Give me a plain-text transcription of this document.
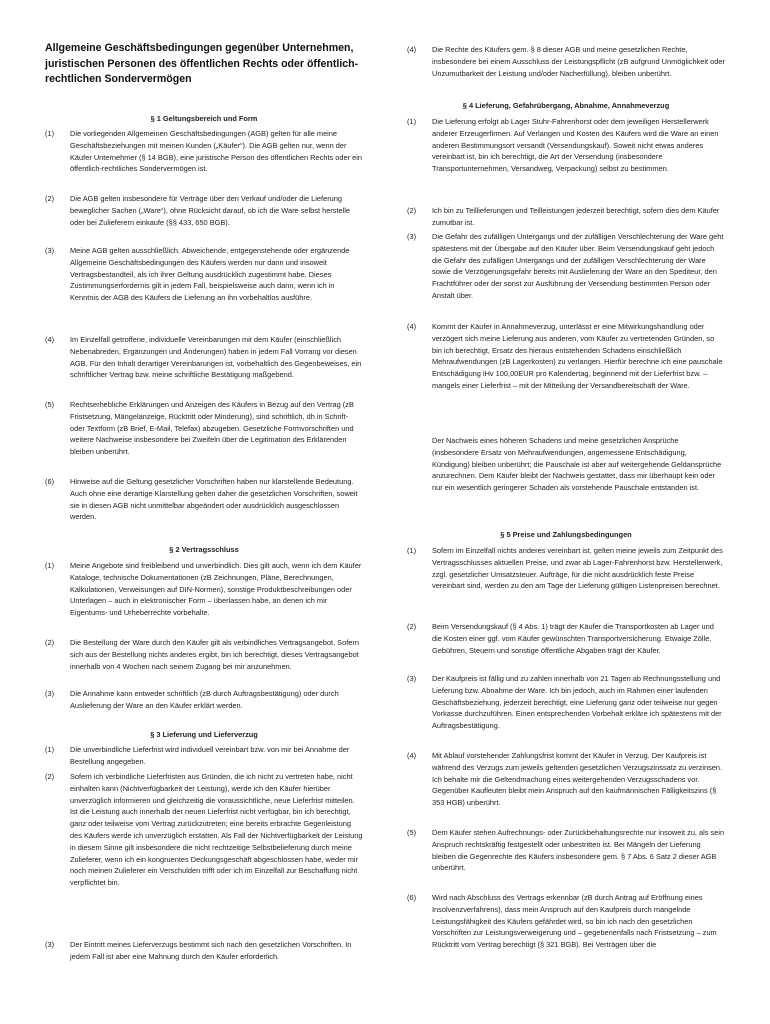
Allgemeine Geschäftsbedingungen gegenüber Unternehmen, juristischen Personen des öffentlichen Rechts oder öffentlich-rechtlichen Sondervermögen
§ 1 Geltungsbereich und Form
(1)	Die vorliegenden Allgemeinen Geschäftsbedingungen (AGB) gelten für alle meine Geschäftsbeziehungen mit meinen Kunden („Käufer“). Die AGB gelten nur, wenn der Käufer Unternehmer (§ 14 BGB), eine juristische Person des öffentlichen Rechts oder ein öffentlich-rechtliches Sondervermögen ist.
(2)	Die AGB gelten insbesondere für Verträge über den Verkauf und/oder die Lieferung beweglicher Sachen („Ware“), ohne Rücksicht darauf, ob ich die Ware selbst herstelle oder bei Zulieferern einkaufe (§§ 433, 650 BGB).
(3)	Meine AGB gelten ausschließlich. Abweichende, entgegenstehende oder ergänzende Allgemeine Geschäftsbedingungen des Käufers werden nur dann und insoweit Vertragsbestandteil, als ich ihrer Geltung ausdrücklich zugestimmt habe. Dieses Zustimmungserfordernis gilt in jedem Fall, beispielsweise auch dann, wenn ich in Kenntnis der AGB des Käufers die Lieferung an ihn vorbehaltlos ausführe.
(4)	Im Einzelfall getroffene, individuelle Vereinbarungen mit dem Käufer (einschließlich Nebenabreden, Ergänzungen und Änderungen) haben in jedem Fall Vorrang vor diesen AGB. Für den Inhalt derartiger Vereinbarungen ist, vorbehaltlich des Gegenbeweises, ein schriftlicher Vertrag bzw. meine schriftliche Bestätigung maßgebend.
(5)	Rechtserhebliche Erklärungen und Anzeigen des Käufers in Bezug auf den Vertrag (zB Fristsetzung, Mängelanzeige, Rücktritt oder Minderung), sind schriftlich, dh in Schrift- oder Textform (zB Brief, E-Mail, Telefax) abzugeben. Gesetzliche Formvorschriften und weitere Nachweise insbesondere bei Zweifeln über die Legitimation des Erklärenden bleiben unberührt.
(6)	Hinweise auf die Geltung gesetzlicher Vorschriften haben nur klarstellende Bedeutung. Auch ohne eine derartige Klarstellung gelten daher die gesetzlichen Vorschriften, soweit sie in diesen AGB nicht unmittelbar abgeändert oder ausdrücklich ausgeschlossen werden.
§ 2 Vertragsschluss
(1)	Meine Angebote sind freibleibend und unverbindlich. Dies gilt auch, wenn ich dem Käufer Kataloge, technische Dokumentationen (zB Zeichnungen, Pläne, Berechnungen, Kalkulationen, Verweisungen auf DIN-Normen), sonstige Produktbeschreibungen oder Unterlagen – auch in elektronischer Form – überlassen habe, an denen ich mir Eigentums- und Urheberrechte vorbehalte.
(2)	Die Bestellung der Ware durch den Käufer gilt als verbindliches Vertragsangebot. Sofern sich aus der Bestellung nichts anderes ergibt, bin ich berechtigt, dieses Vertragsangebot innerhalb von 4 Wochen nach seinem Zugang bei mir anzunehmen.
(3)	Die Annahme kann entweder schriftlich (zB durch Auftragsbestätigung) oder durch Auslieferung der Ware an den Käufer erklärt werden.
§ 3 Lieferung und Lieferverzug
(1)	Die unverbindliche Lieferfrist wird individuell vereinbart bzw. von mir bei Annahme der Bestellung angegeben.
(2)	Sofern ich verbindliche Lieferfristen aus Gründen, die ich nicht zu vertreten habe, nicht einhalten kann (Nichtverfügbarkeit der Leistung), werde ich den Käufer hierüber unverzüglich informieren und gleichzeitig die voraussichtliche, neue Lieferfrist mitteilen. Ist die Leistung auch innerhalb der neuen Lieferfrist nicht verfügbar, bin ich berechtigt, ganz oder teilweise vom Vertrag zurückzutreten; eine bereits erbrachte Gegenleistung des Käufers werde ich unverzüglich erstatten. Als Fall der Nichtverfügbarkeit der Leistung in diesem Sinne gilt insbesondere die nicht rechtzeitige Selbstbelieferung durch meine Zulieferer, wenn ich ein kongruentes Deckungsgeschäft abgeschlossen habe, weder mir noch meinen Zulieferer ein Verschulden trifft oder ich im Einzelfall zur Beschaffung nicht verpflichtet bin.
(3)	Der Eintritt meines Lieferverzugs bestimmt sich nach den gesetzlichen Vorschriften. In jedem Fall ist aber eine Mahnung durch den Käufer erforderlich.
(4)	Die Rechte des Käufers gem. § 8 dieser AGB und meine gesetzlichen Rechte, insbesondere bei einem Ausschluss der Leistungspflicht (zB aufgrund Unmöglichkeit oder Unzumutbarkeit der Leistung und/oder Nacherfüllung), bleiben unberührt.
§ 4 Lieferung, Gefahrübergang, Abnahme, Annahmeverzug
(1)	Die Lieferung erfolgt ab Lager Stuhr-Fahrenhorst oder dem jeweiligen Herstellerwerk anderer Erzeugerfirmen. Auf Verlangen und Kosten des Käufers wird die Ware an einen anderen Bestimmungsort versandt (Versendungskauf). Soweit nicht etwas anderes vereinbart ist, bin ich berechtigt, die Art der Versendung (insbesondere Transportunternehmen, Versandweg, Verpackung) selbst zu bestimmen.
(2)	Ich bin zu Teillieferungen und Teilleistungen jederzeit berechtigt, sofern dies dem Käufer zumutbar ist.
(3)	Die Gefahr des zufälligen Untergangs und der zufälligen Verschlechterung der Ware geht spätestens mit der Übergabe auf den Käufer über. Beim Versendungskauf geht jedoch die Gefahr des zufälligen Untergangs und der zufälligen Verschlechterung der Ware sowie die Verzögerungsgefahr bereits mit Auslieferung der Ware an den Spediteur, den Frachtführer oder der sonst zur Ausführung der Versendung bestimmten Person oder Anstalt über.
(4)	Kommt der Käufer in Annahmeverzug, unterlässt er eine Mitwirkungshandlung oder verzögert sich meine Lieferung aus anderen, vom Käufer zu vertretenden Gründen, so bin ich berechtigt, Ersatz des hieraus entstehenden Schadens einschließlich Mehraufwendungen (zB Lagerkosten) zu verlangen. Hierfür berechne ich eine pauschale Entschädigung iHv 100,00EUR pro Kalendertag, beginnend mit der Lieferfrist bzw. – mangels einer Lieferfrist – mit der Mitteilung der Versandbereitschaft der Ware.
Der Nachweis eines höheren Schadens und meine gesetzlichen Ansprüche (insbesondere Ersatz von Mehraufwendungen, angemessene Entschädigung, Kündigung) bleiben unberührt; die Pauschale ist aber auf weitergehende Geldansprüche anzurechnen. Dem Käufer bleibt der Nachweis gestattet, dass mir überhaupt kein oder nur ein wesentlich geringerer Schaden als vorstehende Pauschale entstanden ist.
§ 5 Preise und Zahlungsbedingungen
(1)	Sofern im Einzelfall nichts anderes vereinbart ist, gelten meine jeweils zum Zeitpunkt des Vertragsschlusses aktuellen Preise, und zwar ab Lager-Fahrenhorst bzw. Herstellerwerk, zzgl. gesetzlicher Umsatzsteuer. Aufträge, für die nicht ausdrücklich feste Preise vereinbart sind, werden zu den am Tage der Lieferung gültigen Listenpreisen berechnet.
(2)	Beim Versendungskauf (§ 4 Abs. 1) trägt der Käufer die Transportkosten ab Lager und die Kosten einer ggf. vom Käufer gewünschten Transportversicherung. Etwaige Zölle, Gebühren, Steuern und sonstige öffentliche Abgaben trägt der Käufer.
(3)	Der Kaufpreis ist fällig und zu zahlen innerhalb von 21 Tagen ab Rechnungsstellung und Lieferung bzw. Abnahme der Ware. Ich bin jedoch, auch im Rahmen einer laufenden Geschäftsbeziehung, jederzeit berechtigt, eine Lieferung ganz oder teilweise nur gegen Vorkasse durchzuführen. Einen entsprechenden Vorbehalt erkläre ich spätestens mit der Auftragsbestätigung.
(4)	Mit Ablauf vorstehender Zahlungsfrist kommt der Käufer in Verzug. Der Kaufpreis ist während des Verzugs zum jeweils geltenden gesetzlichen Verzugszinssatz zu verzinsen. Ich behalte mir die Geltendmachung eines weitergehenden Verzugsschadens vor. Gegenüber Kaufleuten bleibt mein Anspruch auf den kaufmännischen Fälligkeitszins (§ 353 HGB) unberührt.
(5)	Dem Käufer stehen Aufrechnungs- oder Zurückbehaltungsrechte nur insoweit zu, als sein Anspruch rechtskräftig festgestellt oder unbestritten ist. Bei Mängeln der Lieferung bleiben die Gegenrechte des Käufers insbesondere gem. § 7 Abs. 6 Satz 2 dieser AGB unberührt.
(6)	Wird nach Abschluss des Vertrags erkennbar (zB durch Antrag auf Eröffnung eines Insolvenzverfahrens), dass mein Anspruch auf den Kaufpreis durch mangelnde Leistungsfähigkeit des Käufers gefährdet wird, so bin ich nach den gesetzlichen Vorschriften zur Leistungsverweigerung und – gegebenenfalls nach Fristsetzung – zum Rücktritt vom Vertrag berechtigt (§ 321 BGB). Bei Verträgen über die
